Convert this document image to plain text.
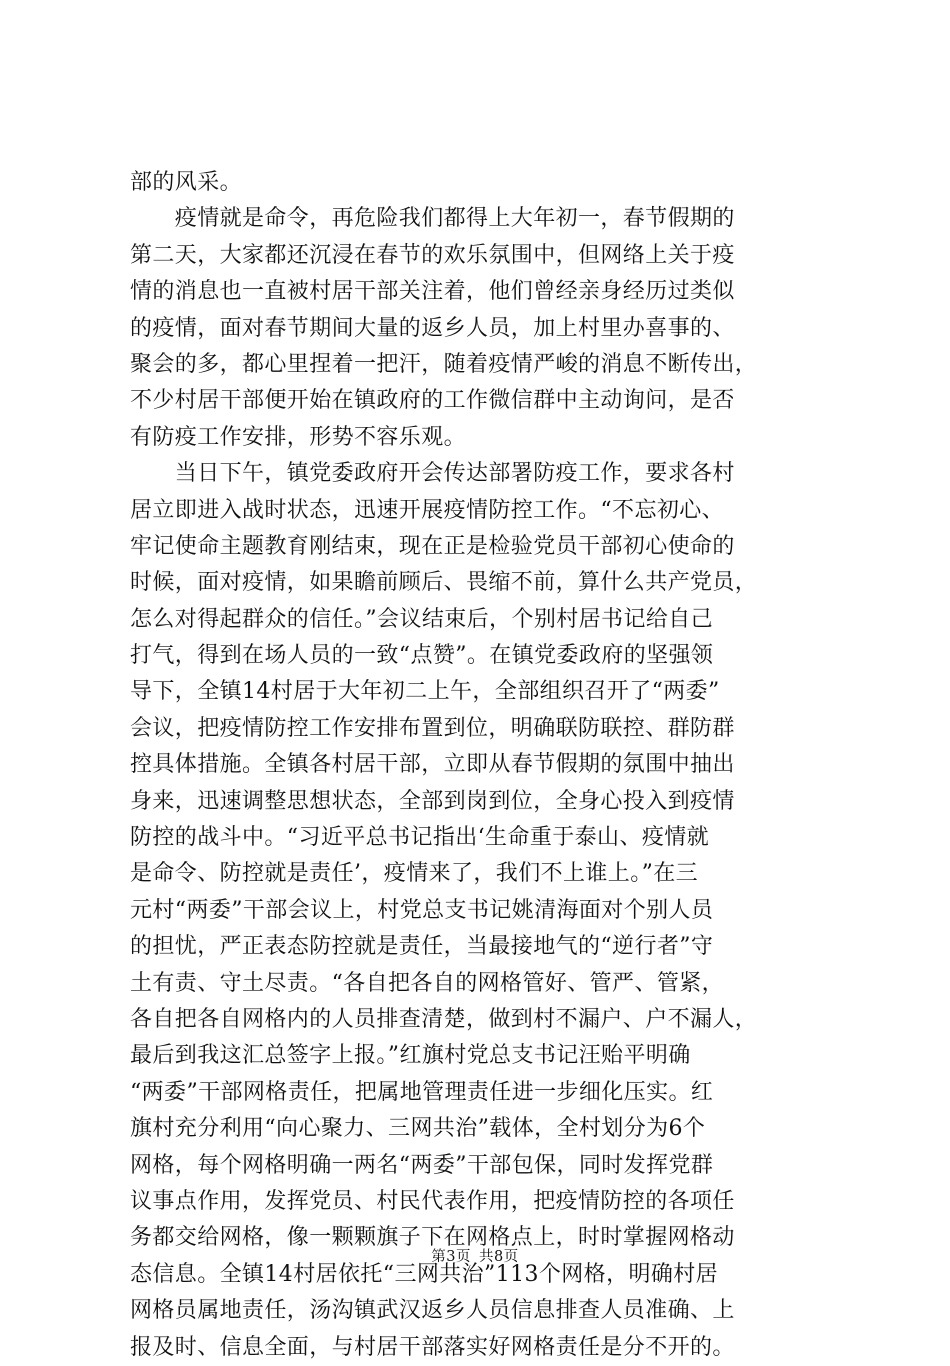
部的风采。
　　疫情就是命令，再危险我们都得上大年初一，春节假期的
第二天，大家都还沉浸在春节的欢乐氛围中，但网络上关于疫
情的消息也一直被村居干部关注着，他们曾经亲身经历过类似
的疫情，面对春节期间大量的返乡人员，加上村里办喜事的、
聚会的多，都心里捏着一把汗，随着疫情严峻的消息不断传出，
不少村居干部便开始在镇政府的工作微信群中主动询问，是否
有防疫工作安排，形势不容乐观。
　　当日下午，镇党委政府开会传达部署防疫工作，要求各村
居立即进入战时状态，迅速开展疫情防控工作。“不忘初心、
牢记使命主题教育刚结束，现在正是检验党员干部初心使命的
时候，面对疫情，如果瞻前顾后、畏缩不前，算什么共产党员，
怎么对得起群众的信任。”会议结束后，个别村居书记给自己
打气，得到在场人员的一致“点赞”。在镇党委政府的坚强领
导下，全镇14村居于大年初二上午，全部组织召开了“两委”
会议，把疫情防控工作安排布置到位，明确联防联控、群防群
控具体措施。全镇各村居干部，立即从春节假期的氛围中抽出
身来，迅速调整思想状态，全部到岗到位，全身心投入到疫情
防控的战斗中。“习近平总书记指出‘生命重于泰山、疫情就
是命令、防控就是责任’，疫情来了，我们不上谁上。”在三
元村“两委”干部会议上，村党总支书记姚清海面对个别人员
的担忧，严正表态防控就是责任，当最接地气的“逆行者”守
土有责、守土尽责。“各自把各自的网格管好、管严、管紧，
各自把各自网格内的人员排查清楚，做到村不漏户、户不漏人，
最后到我这汇总签字上报。”红旗村党总支书记汪贻平明确
“两委”干部网格责任，把属地管理责任进一步细化压实。红
旗村充分利用“向心聚力、三网共治”载体，全村划分为6个
网格，每个网格明确一两名“两委”干部包保，同时发挥党群
议事点作用，发挥党员、村民代表作用，把疫情防控的各项任
务都交给网格，像一颗颗旗子下在网格点上，时时掌握网格动
态信息。全镇14村居依托“三网共治”113个网格，明确村居
网格员属地责任，汤沟镇武汉返乡人员信息排查人员准确、上
报及时、信息全面，与村居干部落实好网格责任是分不开的。
第3页 共8页
